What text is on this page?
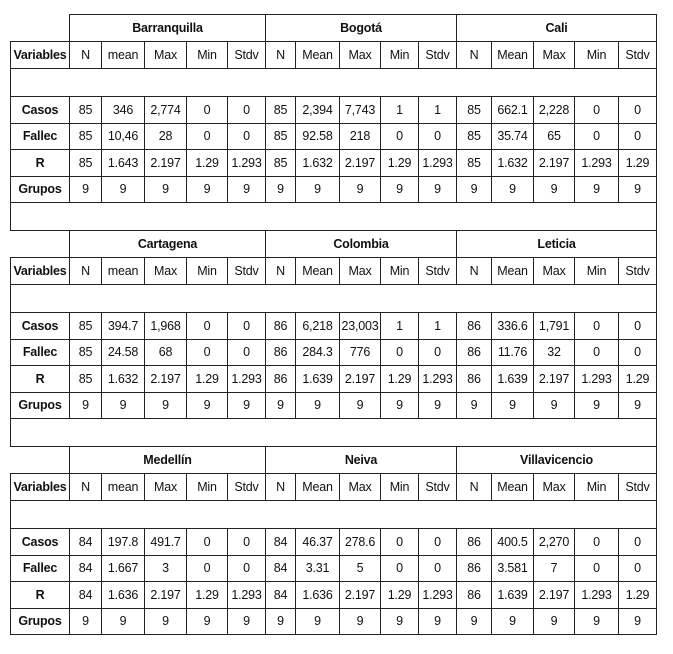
	Barranquilla					Bogotá					Cali				
Variables	N	mean	Max	Min	Stdv	N	Mean	Max	Min	Stdv	N	Mean	Max	Min	Stdv

Casos	85	346	2,774	0	0	85	2,394	7,743	1	1	85	662.1	2,228	0	0
Fallec	85	10,46	28	0	0	85	92.58	218	0	0	85	35.74	65	0	0
R	85	1.643	2.197	1.29	1.293	85	1.632	2.197	1.29	1.293	85	1.632	2.197	1.293	1.29
Grupos	9	9	9	9	9	9	9	9	9	9	9	9	9	9	9

	Cartagena					Colombia					Leticia				
Variables	N	mean	Max	Min	Stdv	N	Mean	Max	Min	Stdv	N	Mean	Max	Min	Stdv

Casos	85	394.7	1,968	0	0	86	6,218	23,003	1	1	86	336.6	1,791	0	0
Fallec	85	24.58	68	0	0	86	284.3	776	0	0	86	11.76	32	0	0
R	85	1.632	2.197	1.29	1.293	86	1.639	2.197	1.29	1.293	86	1.639	2.197	1.293	1.29
Grupos	9	9	9	9	9	9	9	9	9	9	9	9	9	9	9

	Medellín					Neiva					Villavicencio				
Variables	N	mean	Max	Min	Stdv	N	Mean	Max	Min	Stdv	N	Mean	Max	Min	Stdv

Casos	84	197.8	491.7	0	0	84	46.37	278.6	0	0	86	400.5	2,270	0	0
Fallec	84	1.667	3	0	0	84	3.31	5	0	0	86	3.581	7	0	0
R	84	1.636	2.197	1.29	1.293	84	1.636	2.197	1.29	1.293	86	1.639	2.197	1.293	1.29
Grupos	9	9	9	9	9	9	9	9	9	9	9	9	9	9	9
